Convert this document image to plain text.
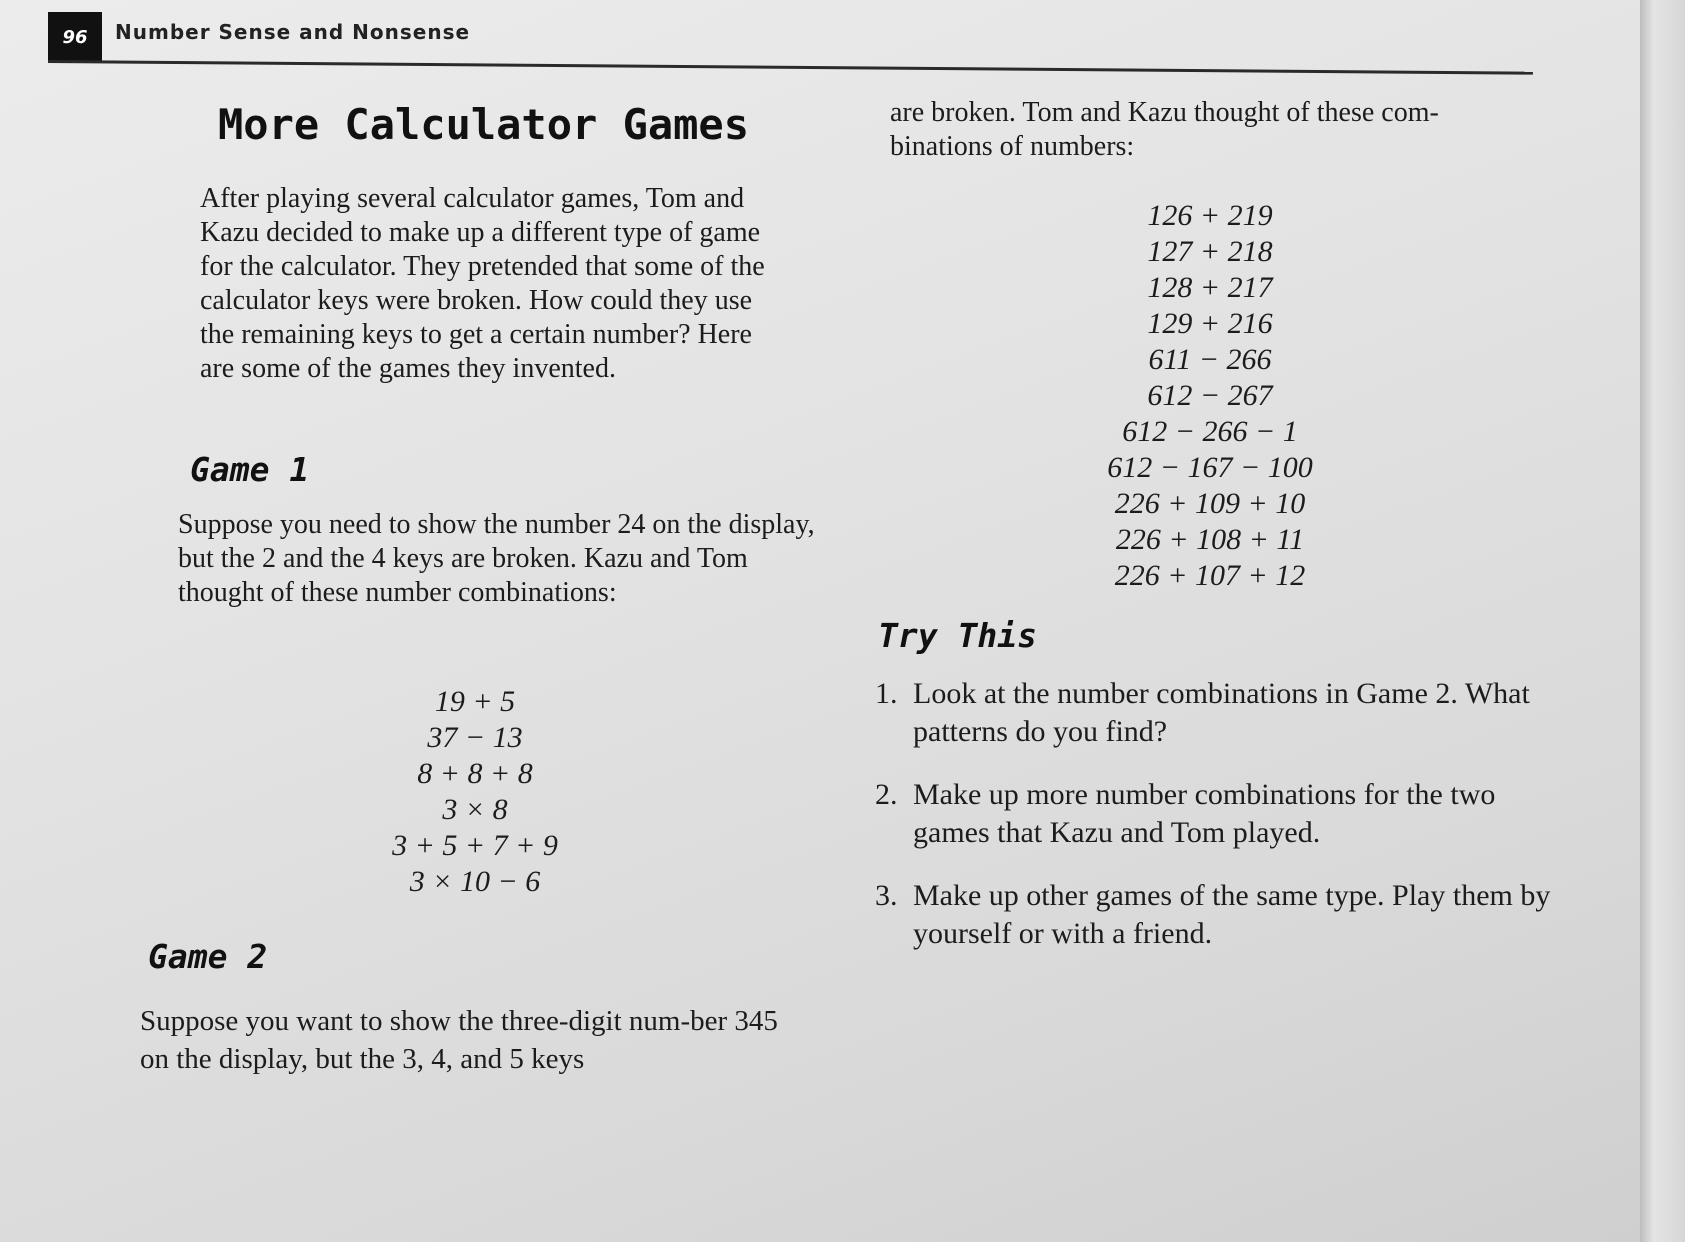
96	Number Sense and Nonsense
More Calculator Games

After playing several calculator games, Tom and Kazu decided to make up a different type of game for the calculator. They pretended that some of the calculator keys were broken. How could they use the remaining keys to get a certain number? Here are some of the games they invented.

Game 1

Suppose you need to show the number 24 on the display, but the 2 and the 4 keys are broken. Kazu and Tom thought of these number combinations:

19 + 5
37 − 13
8 + 8 + 8
3 × 8
3 + 5 + 7 + 9
3 × 10 − 6
Game 2

Suppose you want to show the three-digit num-ber 345 on the display, but the 3, 4, and 5 keys

are broken. Tom and Kazu thought of these com-binations of numbers:

126 + 219
127 + 218
128 + 217
129 + 216
611 − 266
612 − 267
612 − 266 − 1
612 − 167 − 100
226 + 109 + 10
226 + 108 + 11
226 + 107 + 12
Try This
1. Look at the number combinations in Game 2. What patterns do you find?
2. Make up more number combinations for the two games that Kazu and Tom played.
3. Make up other games of the same type. Play them by yourself or with a friend.
